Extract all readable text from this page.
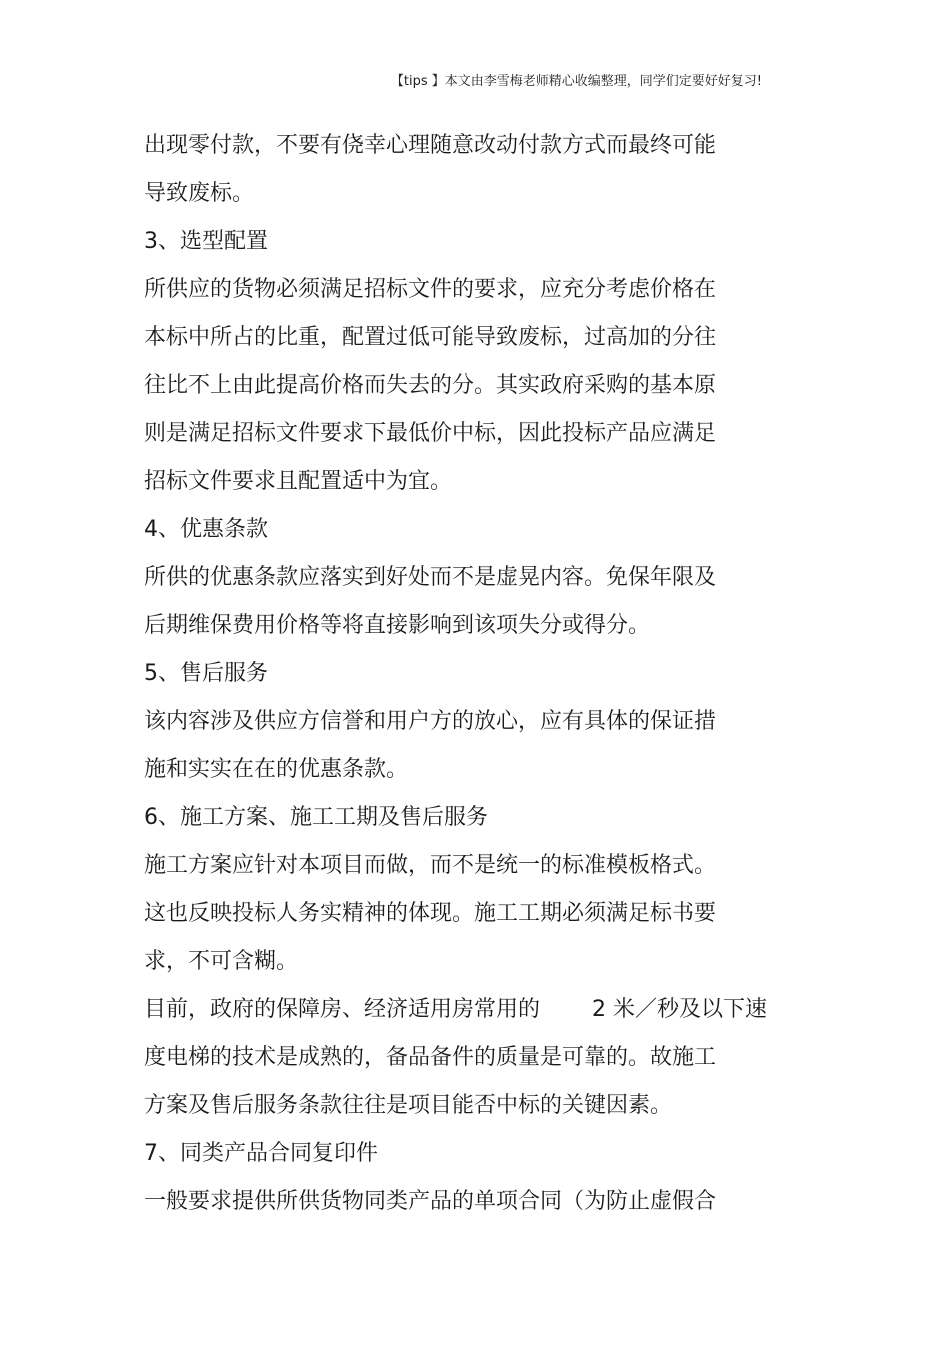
【tips 】本文由李雪梅老师精心收编整理，同学们定要好好复习!
出现零付款，不要有侥幸心理随意改动付款方式而最终可能
导致废标。
3、选型配置
所供应的货物必须满足招标文件的要求，应充分考虑价格在
本标中所占的比重，配置过低可能导致废标，过高加的分往
往比不上由此提高价格而失去的分。其实政府采购的基本原
则是满足招标文件要求下最低价中标，因此投标产品应满足
招标文件要求且配置适中为宜。
4、优惠条款
所供的优惠条款应落实到好处而不是虚晃内容。免保年限及
后期维保费用价格等将直接影响到该项失分或得分。
5、售后服务
该内容涉及供应方信誉和用户方的放心，应有具体的保证措
施和实实在在的优惠条款。
6、施工方案、施工工期及售后服务
施工方案应针对本项目而做，而不是统一的标准模板格式。
这也反映投标人务实精神的体现。施工工期必须满足标书要
求，不可含糊。
目前，政府的保障房、经济适用房常用的 2 米／秒及以下速
度电梯的技术是成熟的，备品备件的质量是可靠的。故施工
方案及售后服务条款往往是项目能否中标的关键因素。
7、同类产品合同复印件
一般要求提供所供货物同类产品的单项合同（为防止虚假合
